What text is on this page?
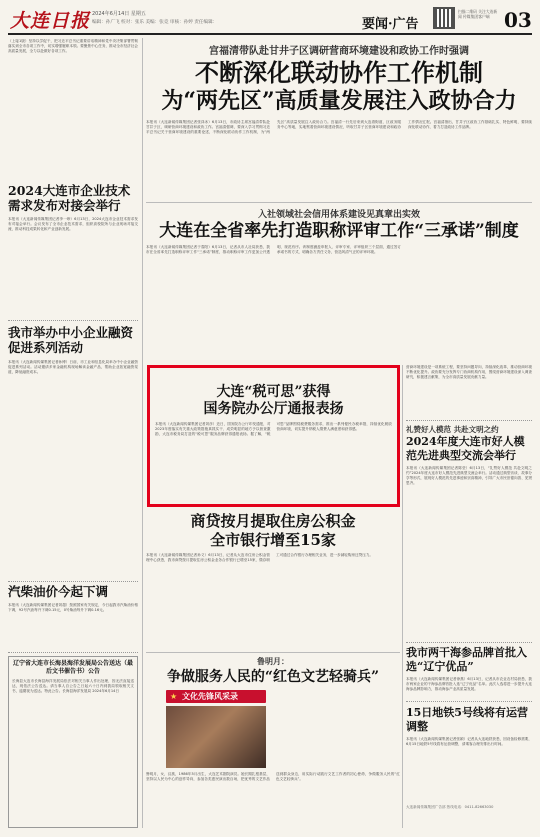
大连日报 2024年6月14日 星期五
编辑：孙广飞 校对：张乐 美编：张竞 审核：孙婷 责任编辑：	要闻·广告
扫描二维码 关注大连新闻 传媒集团客户端 03
（上接1版）坚持以学促干，把习近平总书记重要讲话精神和党中央决策部署贯彻落实到全市各项工作中，切实增强履职本领。要聚焦中心任务，推动全市经济社会高质量发展，全力以赴做好各项工作。
2024大连市企业技术需求发布对接会举行
本报讯（大连新闻传媒集团记者李一珍）6月13日，2024大连市企业技术需求发布对接会举行。会议发布了全市企业技术需求，组织高校院所与企业现场对接交流，推动科技成果转化和产业创新发展。
我市举办中小企业融资促进系列活动
本报讯（大连新闻传媒集团记者孙博）日前，市工业和信息化局举办中小企业融资促进系列活动。活动邀请多家金融机构现场解读金融产品，帮助企业拓宽融资渠道，降低融资成本。
汽柴油价今起下调
本报讯（大连新闻传媒集团记者刘超）按照国家有关规定，今日起我市汽柴油价格下调，92号汽油每升下调0.15元，0号柴油每升下调0.16元。
辽宁省大连市长海县海洋发展局公告送达（最后文书催告书）公告
长海县大连市长海县海洋发展局依法对相关当事人作出处理，因无法直接送达，现依法公告送达。请当事人自公告之日起六十日内到我局领取相关文书，逾期视为送达。特此公告。长海县海洋发展局 2024年6月14日
宫福清带队赴甘井子区调研营商环境建设和政协工作时强调
不断深化联动协作工作机制
为“两先区”高质量发展注入政协合力
本报讯（大连新闻传媒集团记者张泽冰）6月13日，市政协主席宫福清带队赴甘井子区，调研营商环境建设和政协工作。宫福清强调，要深入学习贯彻习近平总书记关于营商环境建设的重要论述，不断深化联动协作工作机制，为“两先区”高质量发展注入政协合力。宫福清一行先后来到大连湾街道、区政务服务中心等地，实地察看营商环境建设情况，听取甘井子区营商环境建设和政协工作情况汇报。宫福清指出，甘井子区政协工作基础扎实、特色鲜明，要持续深化联动协作，着力打造政协工作品牌。
入社领域社会信用体系建设见真章出实效
大连在全省率先打造职称评审工作“三承诺”制度
本报讯（大连新闻传媒集团记者于春阳）6月13日，记者从市人社局获悉，我市在全省率先打造职称评审工作“三承诺”制度，推动职称评审工作更加公开透明、规范有序。该制度涵盖申报人、评审专家、评审组织三个层面，通过签订承诺书的方式，明确各方责任义务，营造风清气正的评审环境。
大连“税可思”获得
国务院办公厅通报表扬
本报讯（大连新闻传媒集团记者刘彦）近日，国务院办公厅印发通报，对2023年度落实有关重大政策措施真抓实干、成效明显的地方予以督查激励，大连市税务局打造的“税可思”服务品牌获得通报表扬。据了解，“税可思”品牌围绕税费服务需求，推出一系列便民办税举措，持续优化税收营商环境，切实提升纳税人缴费人满意度和获得感。
商贷按月提取住房公积金
全市银行增至15家
本报讯（大连新闻传媒集团记者孙义）6月13日，记者从大连市住房公积金管理中心获悉，我市商贷按月提取住房公积金业务合作银行已增至15家，缴存职工可通过合作银行办理相关业务，进一步减轻购房还贷压力。
鲁明月：
争做服务人民的“红色文艺轻骑兵”
★ 文化先锋风采录
鲁明月，女，汉族，1986年5月出生，大连艺术剧院演员。她长期扎根基层，坚持以人民为中心的创作导向，参加各类惠民演出数百场，把优秀的文艺作品送到群众身边，用实际行动践行文艺工作者的初心使命，争做服务人民的“红色文艺轻骑兵”。
营商环境建设是一项系统工程，要坚持问题导向，持续深化改革，推动营商环境不断优化提升。政协要充分发挥专门协商机构作用，围绕营商环境建设深入调查研究，积极建言献策，为全市高质量发展贡献力量。
礼赞好人模范 共赴文明之约
2024年度大连市好人模范先进典型交流会举行
本报讯（大连新闻传媒集团记者陈莹）6月13日，“礼赞好人模范 共赴文明之约”2024年度大连市好人模范先进典型交流会举行。活动通过典型访谈、故事分享等形式，展现好人模范的先进事迹和崇高精神，引导广大市民崇德向善、见贤思齐。
我市两干海参品牌首批入选“辽宁优品”
本报讯（大连新闻传媒集团记者徐燕）6月13日，记者从市农业农村局获悉，我市两家企业的干海参品牌首批入选“辽宁优品”名单。此次入选将进一步提升大连海参品牌影响力，推动海参产业高质量发展。
15日地铁5号线将有运营调整
本报讯（大连新闻传媒集团记者张颖）记者从大连地铁获悉，因设备检修需要，6月15日地铁5号线将有运营调整，请乘客合理安排出行时间。
大连新闻传媒集团广告部 热线电话：0411-82663030
